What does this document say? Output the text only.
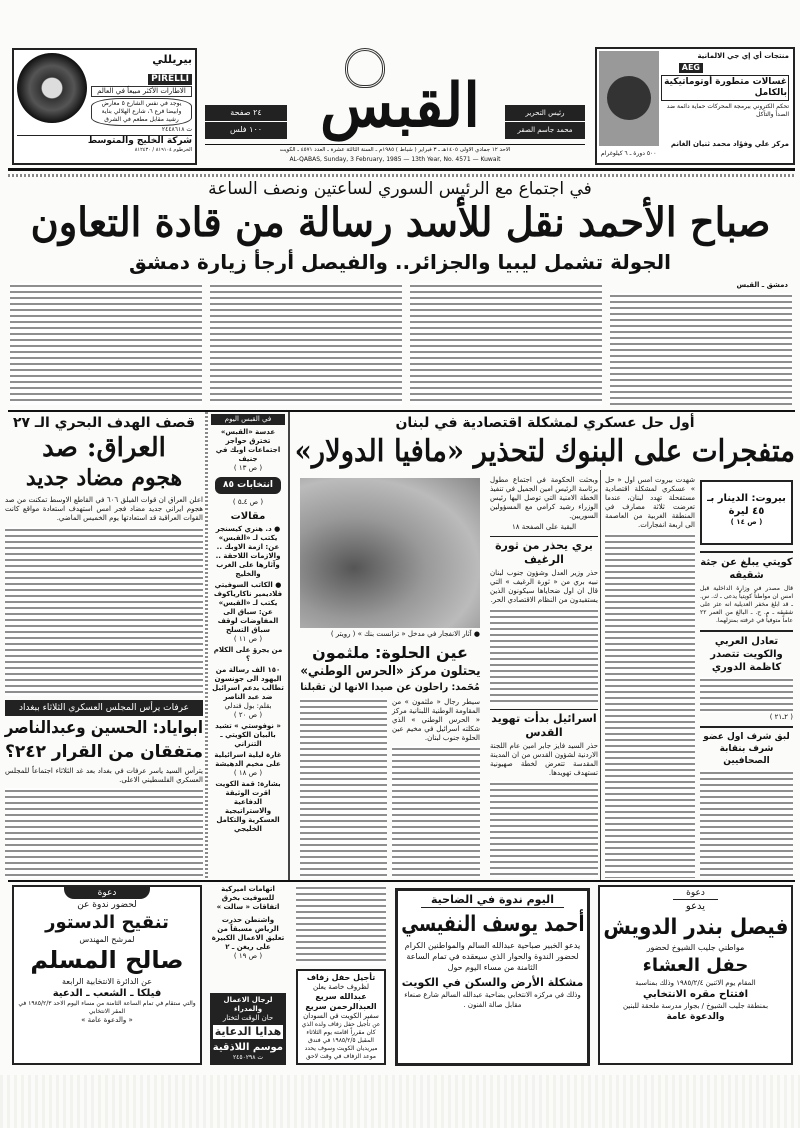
بيريللي
PIRELLI
الاطارات الأكثر مبيعاً في العالم
يوجد في نفس الشارع ٥ معارض وابيضا فرع ٦، شارع الهلالي بناية رشيد مقابل مطعم في الشرق
ت ٢٤٤٨٦١٨
شركة الخليج والمتوسط
الخرطوم ٨١٩١٠٤ / ٨١٢٤٣٠
منتجات أي إي جي الالمانية
AEG
غسالات متطورة أوتوماتيكية بالكامل
تحكم الكتروني ببرمجة المحركات حماية دائمة ضد الصدأ والتآكل
مركز علي وفؤاد محمد ثنيان الغانم
٥٠٠ دورة ـ ٦ كيلوغرام
القبس
٢٤ صفحة
١٠٠ فلس
رئيس التحرير
محمد جاسم الصقر
الاحد ١٢ جمادي الاولى ١٤٠٥هـ ـ ٣ فبراير ( شباط ) ١٩٨٥م ـ السنة الثالثة عشرة ـ العدد ٤٥٧١ ـ الكويت
AL-QABAS, Sunday, 3 February, 1985 — 13th Year, No. 4571 — Kuwait
في اجتماع مع الرئيس السوري لساعتين ونصف الساعة
صباح الأحمد نقل للأسد رسالة من قادة التعاون
الجولة تشمل ليبيا والجزائر.. والفيصل أرجأ زيارة دمشق
دمشق ـ القبس
قصف الهدف البحري الـ ٢٧
العراق: صد
هجوم مضاد جديد
اعلن العراق ان قوات الفيلق ٦٠٦ في القاطع الاوسط تمكنت من صد هجوم ايراني جديد مضاد فجر امس استهدف استعادة مواقع كانت القوات العراقية قد استعادتها يوم الخميس الماضي.
عرفات يرأس المجلس العسكري الثلاثاء ببغداد
ابواياد: الحسين وعبدالناصر
متفقان من القرار ٢٤٢؟
يترأس السيد ياسر عرفات في بغداد بعد غد الثلاثاء اجتماعاً للمجلس العسكري الفلسطيني الاعلى.
في القبس اليوم
عدسة «القبس» تخترق حواجز اجتماعات اوبك في جنيف
( ص ١٣ )
انتخابات ٨٥
( ص ٤ـ٥ )
مقالات
● د. هنري كيسنجر يكتب لـ «القبس» عن: ازمة الاوبك .. والازمات اللاحقة .. وآثارها على الغرب والخليج
● الكاتب السوفيتي فلاديمير ناكارياكوف يكتب لـ «القبس» عن: سباق الى المفاوضات لوقف سباق التسلح
( ص ١١ )
من يجرؤ على الكلام ؟
١٥٠ الف رسالة من اليهود الى جونسون تطالب بدعم اسرائيل ضد عبد الناصر
بقلم: بول فندلي
( ص ٢٠ )
« نوفوستي » تشيد بالبيان الكويتي ـ التنزاني
غارة ليلية اسرائيلية على مخيم الدهيشة
( ص ١٨ )
بشارة: قمة الكويت اقرت الوثيقة الدفاعية والاستراتيجية العسكرية والتكامل الخليجي
أول حل عسكري لمشكلة اقتصادية في لبنان
متفجرات على البنوك لتحذير «مافيا الدولار»
شهدت بيروت امس اول « حل » عسكري لمشكلة اقتصادية مستفحلة تهدد لبنان، عندما تعرضت ثلاثة مصارف في المنطقة الغربية من العاصمة الى اربعة انفجارات.
● آثار الانفجار في مدخل « ترانست بنك » ( رويتر )
عين الحلوة: ملثمون
يحتلون مركز «الحرس الوطني»
مُحَمد: راحلون عن صيدا الانها لن تقبلنا
سيطر رجال « ملثمون » من المقاومة الوطنية اللبنانية مركز « الحرس الوطني » الذي شكلته اسرائيل في مخيم عين الحلوة جنوب لبنان.
وبحثت الحكومة في اجتماع مطول برئاسة الرئيس امين الجميل في تنفيذ الخطة الامنية التي توصل اليها رئيس الوزراء رشيد كرامي مع المسؤولين السوريين.
البقية على الصفحة ١٨
بري يحذر من ثورة الرغيف
حذر وزير العدل وشؤون جنوب لبنان نبيه بري من « ثورة الرغيف » التي قال ان اول ضحاياها سيكونون الذين يستفيدون من النظام الاقتصادي الحر.
اسرائيل بدأت تهويد القدس
حذر السيد فايز جابر امين عام اللجنة الاردنية لشؤون القدس من ان المدينة المقدسة تتعرض لخطة صهيونية تستهدف تهويدها.
بيروت: الدينار بـ ٤٥ ليرة
( ص ١٤ )
كويتي يبلغ عن جثة شقيقه
قال مصدر في وزارة الداخلية قبل امس ان مواطناً كويتياً يدعى ـ ك. س. ـ قد ابلغ مخفر العديلية انه عثر على شقيقه ـ م. ح. ـ البالغ من العمر ٢٢ عاماً متوفياً في غرفته بمنزلهما.
تعادل العربي والكويت تتصدر كاظمة الدوري
( ٢ـ٢١ )
لبق شرف اول عضو شرف بنقابة الصحافيين
دعوة
لحضور ندوة عن
تنقيح الدستور
لمرشح المهندس
صالح المسلم
عن الدائرة الانتخابية الرابعة
فيلكا ـ الشعب ـ الدعية
والتي ستقام في تمام الساعة الثامنة من مساء اليوم الاحد ١٩٨٥/٢/٣ في المقر الانتخابي
« والدعوة عامة »
اتهامات اميركية للسوفيت بخرق اتفاقات « سالت »
واشنطن حذرت الرياض مسبقاً من تعليق الاعمال الكبيرة على ريغن ـ ٢
( ص ١٩ )
لرجال الاعمال والمدراء
حان الوقت لتختار
هدايا الدعاية
موسم اللاذقية
ت ٢٤٥٠٢٩٨
تأجيل حفل زفاف
لظروف خاصة يعلن
عبدالله سريع العبدالرحمن سريع
سفير الكويت في السودان
عن تأجيل حفل زفاف ولده الذي كان مقرراً اقامته يوم الثلاثاء المقبل ١٩٨٥/٢/٥ في فندق ميريديان الكويت وسوف يحدد موعد الزفاف في وقت لاحق
اليوم ندوة في الضاحية
أحمد يوسف النفيسي
يدعو الخبير صباحية عبدالله السالم والمواطنين الكرام لحضور الندوة والحوار الذي سيعقده في تمام الساعة الثامنة من مساء اليوم حول
مشكلة الأرض والسكن في الكويت
وذلك في مركزه الانتخابي بضاحية عبدالله السالم شارع صنعاء مقابل صالة الفنون .
دعوة
يدعو
فيصل بندر الدويش
مواطني جليب الشيوخ لحضور
حفل العشاء
المقام يوم الاثنين ١٩٨٥/٢/٤ وذلك بمناسبة
افتتاح مقره الانتخابي
بمنطقة جليب الشيوخ / بجوار مدرسة ملحقة للبنين
والدعوة عامة
